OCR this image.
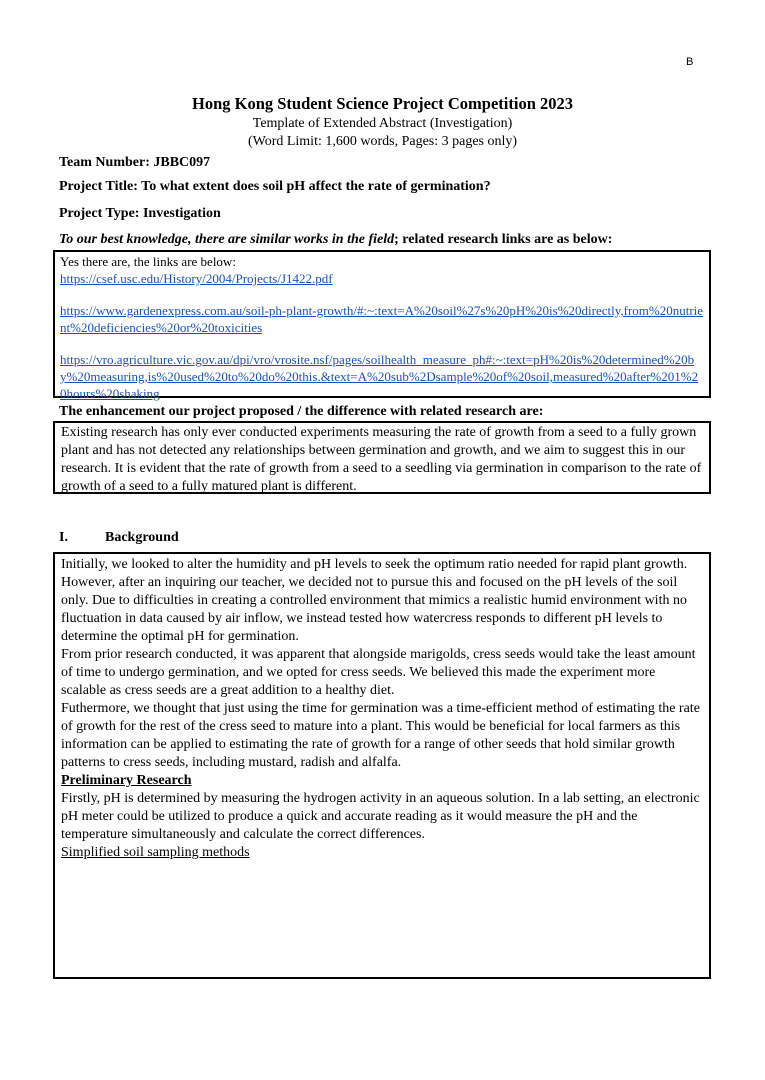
B
Hong Kong Student Science Project Competition 2023
Template of Extended Abstract (Investigation)
(Word Limit: 1,600 words, Pages: 3 pages only)
Team Number: JBBC097
Project Title: To what extent does soil pH affect the rate of germination?
Project Type: Investigation
To our best knowledge, there are similar works in the field; related research links are as below:

Yes there are, the links are below:

https://csef.usc.edu/History/2004/Projects/J1422.pdf
https://www.gardenexpress.com.au/soil-ph-plant-growth/#:~:text=A%20soil%27s%20pH%20is%20directly,from%20nutrient%20deficiencies%20or%20toxicities
https://vro.agriculture.vic.gov.au/dpi/vro/vrosite.nsf/pages/soilhealth_measure_ph#:~:text=pH%20is%20determined%20by%20measuring,is%20used%20to%20do%20this.&text=A%20sub%2Dsample%20of%20soil,measured%20after%201%20hours%20shaking
The enhancement our project proposed / the difference with related research are:

Existing research has only ever conducted experiments measuring the rate of growth from a seed to a fully grown plant and has not detected any relationships between germination and growth, and we aim to suggest this in our research. It is evident that the rate of growth from a seed to a seedling via germination in comparison to the rate of growth of a seed to a fully matured plant is different.

I.	Background

Initially, we looked to alter the humidity and pH levels to seek the optimum ratio needed for rapid plant growth. However, after an inquiring our teacher, we decided not to pursue this and focused on the pH levels of the soil only. Due to difficulties in creating a controlled environment that mimics a realistic humid environment with no fluctuation in data caused by air inflow, we instead tested how watercress responds to different pH levels to determine the optimal pH for germination.

From prior research conducted, it was apparent that alongside marigolds, cress seeds would take the least amount of time to undergo germination, and we opted for cress seeds. We believed this made the experiment more scalable as cress seeds are a great addition to a healthy diet.

Futhermore, we thought that just using the time for germination was a time-efficient method of estimating the rate of growth for the rest of the cress seed to mature into a plant. This would be beneficial for local farmers as this information can be applied to estimating the rate of growth for a range of other seeds that hold similar growth patterns to cress seeds, including mustard, radish and alfalfa.

Preliminary Research

Firstly, pH is determined by measuring the hydrogen activity in an aqueous solution. In a lab setting, an electronic pH meter could be utilized to produce a quick and accurate reading as it would measure the pH and the temperature simultaneously and calculate the correct differences.

Simplified soil sampling methods
